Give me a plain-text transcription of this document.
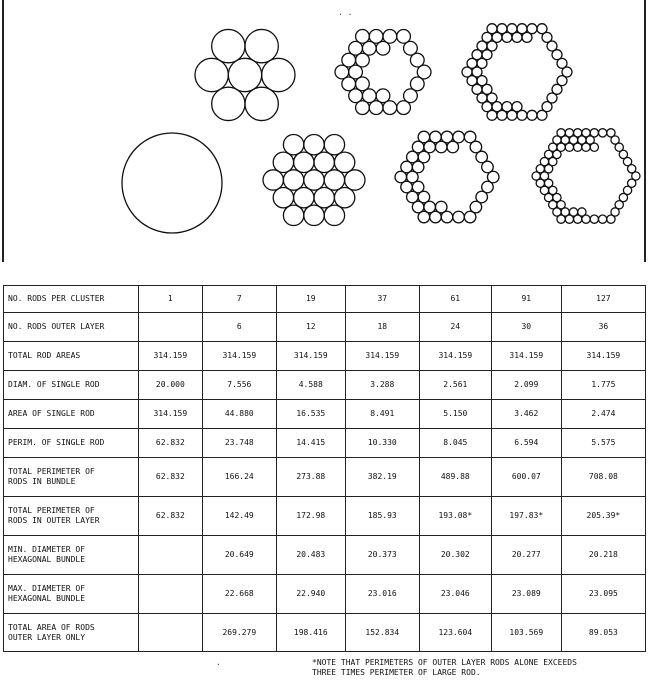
· ·
·
NO. RODS PER CLUSTER	1	7	19	37	61	91	127
NO. RODS OUTER LAYER		6	12	18	24	30	36
TOTAL ROD AREAS	314.159	314.159	314.159	314.159	314.159	314.159	314.159
DIAM. OF SINGLE ROD	20.000	7.556	4.588	3.288	2.561	2.099	1.775
AREA OF SINGLE ROD	314.159	44.880	16.535	8.491	5.150	3.462	2.474
PERIM. OF SINGLE ROD	62.832	23.748	14.415	10.330	8.045	6.594	5.575
TOTAL PERIMETER OF
RODS IN BUNDLE	62.832	166.24	273.88	382.19	489.88	600.07	708.08
TOTAL PERIMETER OF
RODS IN OUTER LAYER	62.832	142.49	172.98	185.93	193.08*	197.83*	205.39*
MIN. DIAMETER OF
HEXAGONAL BUNDLE		20.649	20.483	20.373	20.302	20.277	20.218
MAX. DIAMETER OF
HEXAGONAL BUNDLE		22.668	22.940	23.016	23.046	23.089	23.095
TOTAL AREA OF RODS
OUTER LAYER ONLY		269.279	198.416	152.834	123.604	103.569	89.053
*NOTE THAT PERIMETERS OF OUTER LAYER RODS ALONE EXCEEDS
THREE TIMES PERIMETER OF LARGE ROD.
